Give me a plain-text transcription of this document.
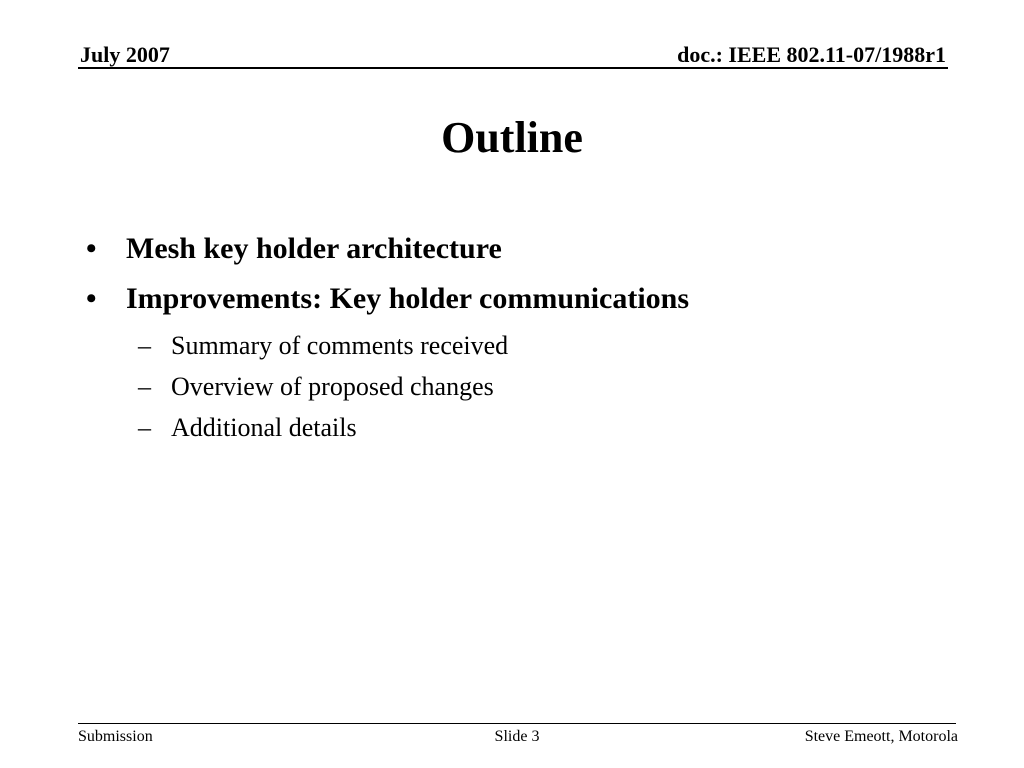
July 2007	doc.: IEEE 802.11-07/1988r1
Outline
• Mesh key holder architecture
• Improvements: Key holder communications
– Summary of comments received
– Overview of proposed changes
– Additional details
Submission	Slide 3	Steve Emeott, Motorola
